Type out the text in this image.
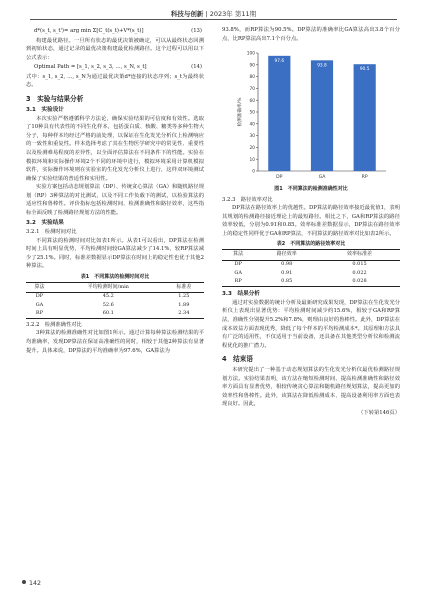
科技与创新 | 2023年 第11期
d*(s_t, s_t')= arg min Σ[C_t(s_t)+V*(s_t)]	(13)

构建最优路径。一旦所有状态的最优决策被确定，可以从最终状态回溯到初始状态，通过记录的最优决策构建最优检测路径。这个过程可以用以下公式表示：

Optimal Path = [s_1, s_2, s_3, …, s_N, s_t]	(14)

式中：s_1, s_2, …, s_N为通过最优决策d*连接的状态序列；s_t为最终状态。

3　实验与结果分析
3.1　实验设计

本次实验严格遵循科学方法论，确保实验结果的可信度和有效性。选取了10种具有代表性的不同生化样本，包括蛋白质、核酸、糖类等多种生物大分子，每种样本均经过严格的前处理，以保证在生化发光分析仪上检测响应的一致性和重复性。样本选择考虑了其在生物医学研究中的常见性、重要性以及检测难易程度的差异性，以全面评估算法在不同条件下的性能。实验在模拟环境和实际操作环境2个不同的环境中进行，模拟环境采用计算机模拟软件，实际操作环境则在实验室的生化发光分析仪上进行，这样双环境测试确保了实验结果的普适性和实用性。

实验方案包括动态规划算法（DP）、传统贪心算法（GA）和随机路径规划（RP）3种算法的对比测试，以及不同工作负载下的测试，以检验算法的适应性和鲁棒性。评价指标包括检测时间、检测准确性和路径效率，这些指标全面反映了检测路径规划方法的性能。

3.2　实验结果
3.2.1　检测时间对比

不同算法的检测时间对比如表1所示。从表1可以看出，DP算法在检测时间上具有明显优势，平均检测时间较GA算法减少了14.1%，较RP算法减少了25.1%。同时，标准差数据显示DP算法在时间上的稳定性也优于其他2种算法。

表1　不同算法的检测时间对比
算法	平均检测时间/min	标准差
DP	45.2	1.25
GA	52.6	1.89
RP	60.1	2.34
3.2.2　检测准确性对比

3种算法的检测准确性对比如图1所示。通过计算每种算法检测结果的平均准确率，发现DP算法在保证高准确性的同时，相较于其他2种算法有显著提升。具体来说，DP算法的平均准确率为97.6%，GA算法为

93.8%，而RP算法为90.5%。DP算法的准确率比GA算法高出3.8个百分点，比RP算法高出7.1个百分点。

0
10
20
30
40
50
60
70
80
90
100
检测准确率/%
97.6
DP
93.8
GA
90.5
RP
图1　不同算法的检测准确性对比
3.2.3　路径效率对比

DP算法在路径效率上的优越性。DP算法的路径效率接近最优值1，表明其规划的检测路径接近理论上的最短路径。相比之下，GA和RP算法的路径效率较低，分别为0.91和0.85。效率标准差数据显示，DP算法在路径效率上的稳定性同样优于GA和RP算法，不同算法的路径效率对比如表2所示。

表2　不同算法的路径效率对比
算法	路径效率	效率标准差
DP	0.98	0.015
GA	0.91	0.022
RP	0.85	0.028
3.3　结果分析

通过对实验数据的统计分析及最新研究成果发现，DP算法在生化发光分析仪上表现出显著优势：平均检测时间减少约15.6%，相较于GA和RP算法，准确性分别提升5.2%和7.8%，则理由良好的鲁棒性。此外，DP算法在成本效益方面表现优秀，降低了每个样本的平均检测成本*。其原理和方法具有广泛的适用性，不仅适用于当前设备，还具备在其他类型分析仪和检测流程优化的推广潜力。

4　结束语

本研究提出了一种基于动态规划算法的生化发光分析仪最优检测路径规划方法。实验结果表明，该方法在缩短检测时间、提高检测准确性和路径效率方面具有显著优势，相较传统贪心算法和随机路径规划算法，提高更加的效率性和鲁棒性。此外，该算法在降低检测成本、提高设备利用率方面也表现良好。因此，

（下转第146页）
142
